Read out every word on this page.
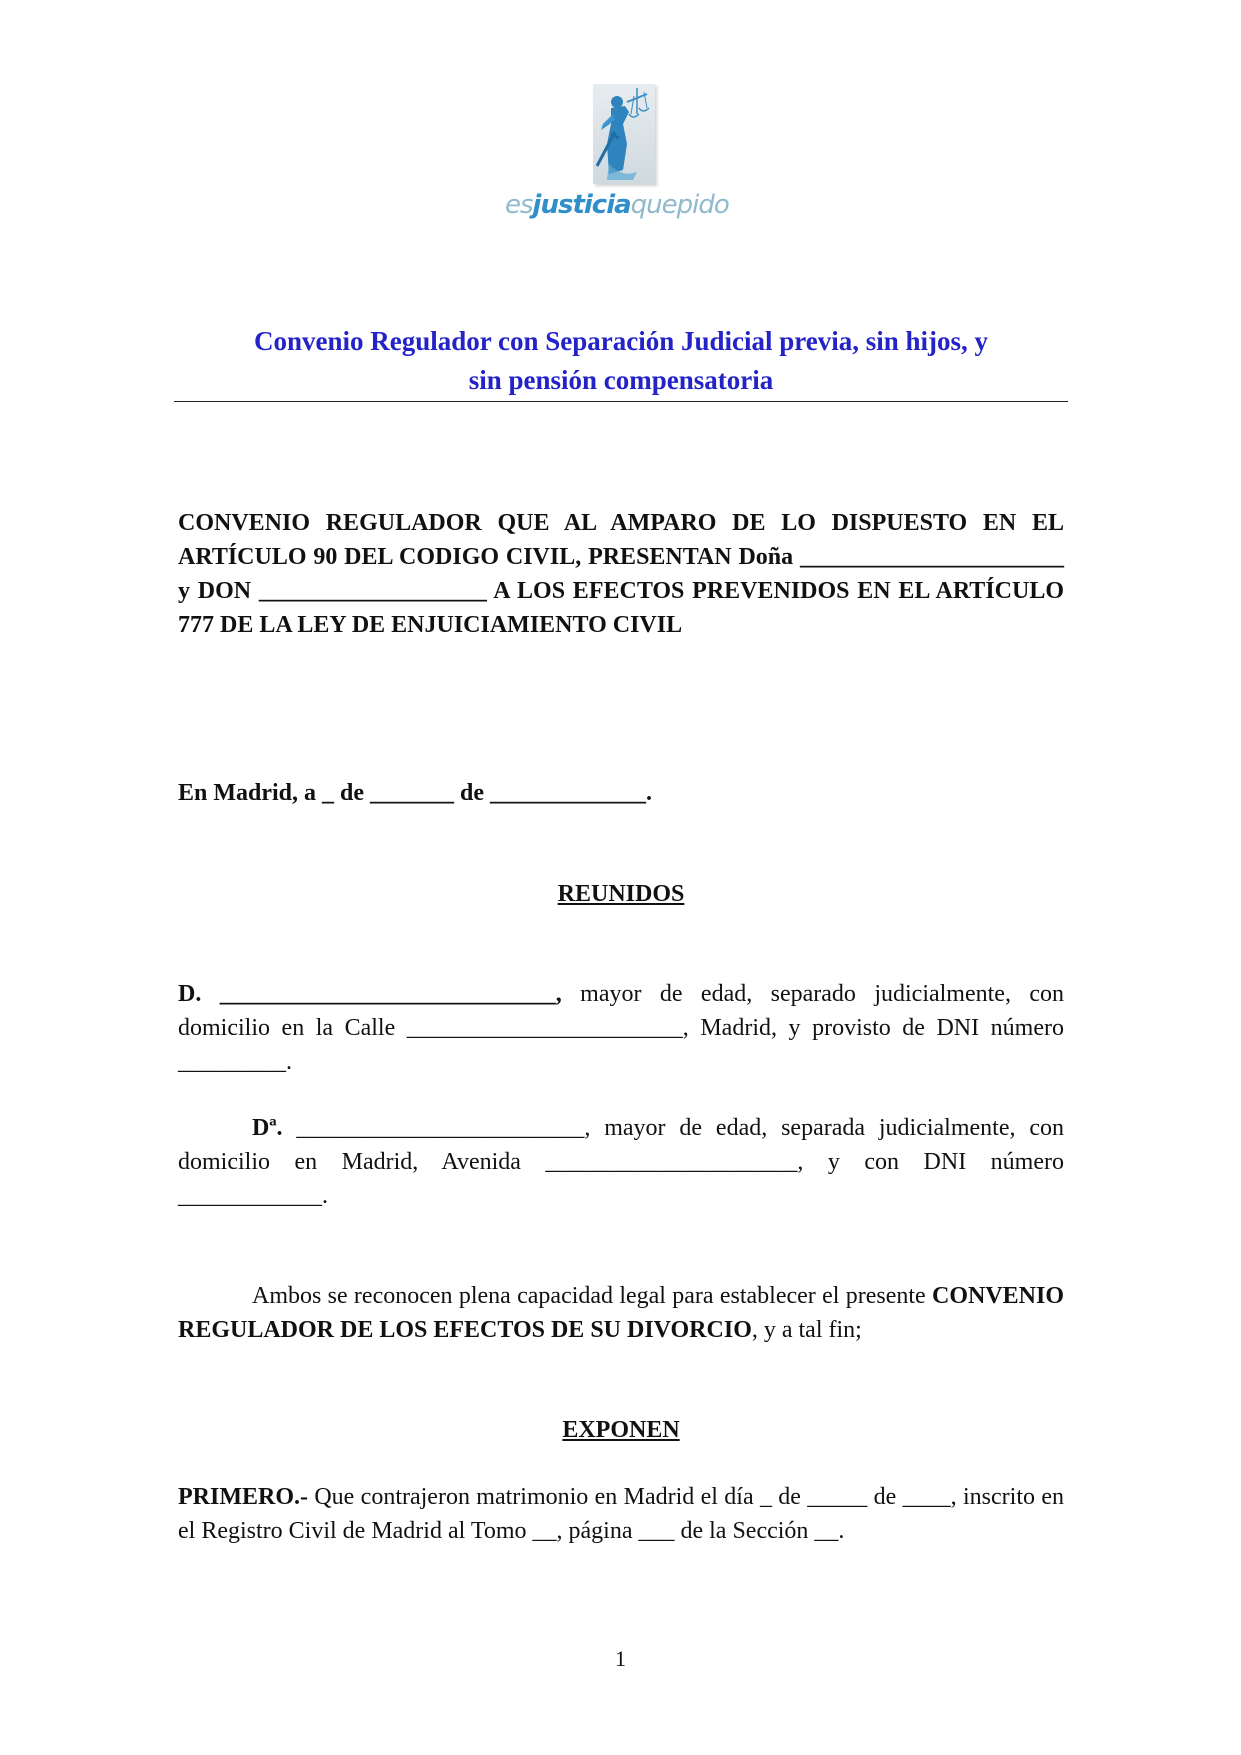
esjusticiaquepido
Convenio Regulador con Separación Judicial previa, sin hijos, y
sin pensión compensatoria

CONVENIO REGULADOR QUE AL AMPARO DE LO DISPUESTO EN EL ARTÍCULO 90 DEL CODIGO CIVIL, PRESENTAN Doña ______________________ y DON ___________________ A LOS EFECTOS PREVENIDOS EN EL ARTÍCULO 777 DE LA LEY DE ENJUICIAMIENTO CIVIL

En Madrid, a _ de _______ de _____________.

REUNIDOS

D. ____________________________, mayor de edad, separado judicialmente, con domicilio en la Calle _______________________, Madrid, y provisto de DNI número _________.

Dª. ________________________, mayor de edad, separada judicialmente, con domicilio en Madrid, Avenida _____________________, y con DNI número ____________.

Ambos se reconocen plena capacidad legal para establecer el presente CONVENIO REGULADOR DE LOS EFECTOS DE SU DIVORCIO, y a tal fin;

EXPONEN

PRIMERO.- Que contrajeron matrimonio en Madrid el día _ de _____ de ____, inscrito en el Registro Civil de Madrid al Tomo __, página ___ de la Sección __.

1
